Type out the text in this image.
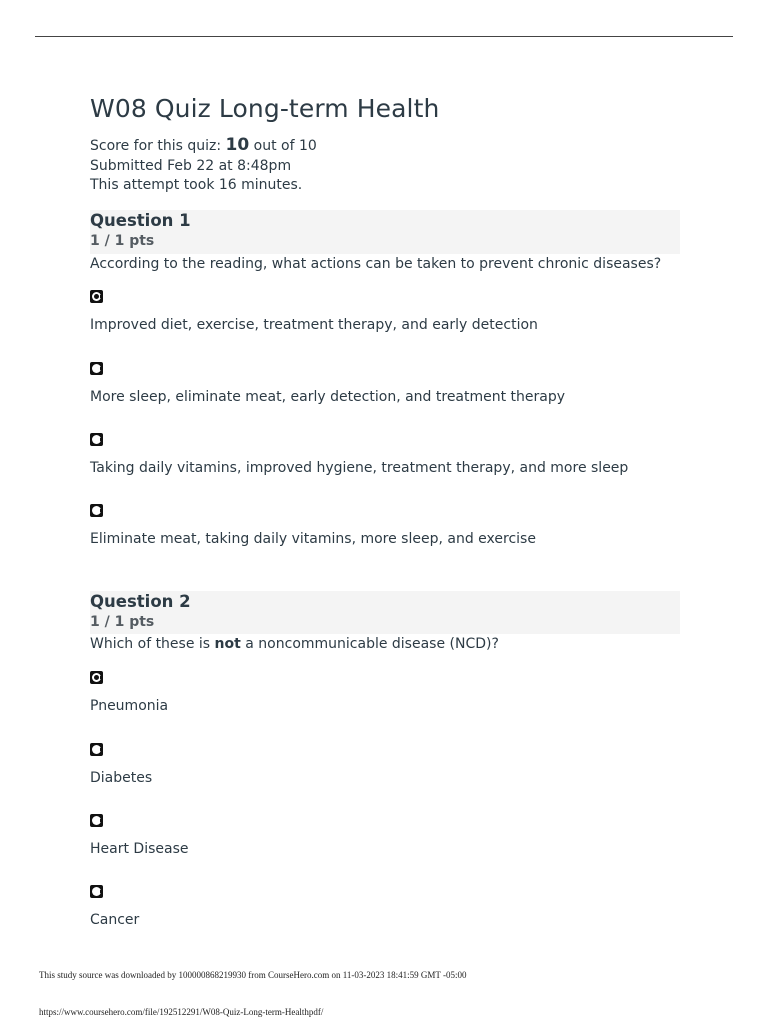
W08 Quiz Long-term Health
Score for this quiz: 10 out of 10
Submitted Feb 22 at 8:48pm
This attempt took 16 minutes.
Question 1
1 / 1 pts
According to the reading, what actions can be taken to prevent chronic diseases?
Improved diet, exercise, treatment therapy, and early detection
More sleep, eliminate meat, early detection, and treatment therapy
Taking daily vitamins, improved hygiene, treatment therapy, and more sleep
Eliminate meat, taking daily vitamins, more sleep, and exercise
Question 2
1 / 1 pts
Which of these is not a noncommunicable disease (NCD)?
Pneumonia
Diabetes
Heart Disease
Cancer
This study source was downloaded by 100000868219930 from CourseHero.com on 11-03-2023 18:41:59 GMT -05:00
https://www.coursehero.com/file/192512291/W08-Quiz-Long-term-Healthpdf/
